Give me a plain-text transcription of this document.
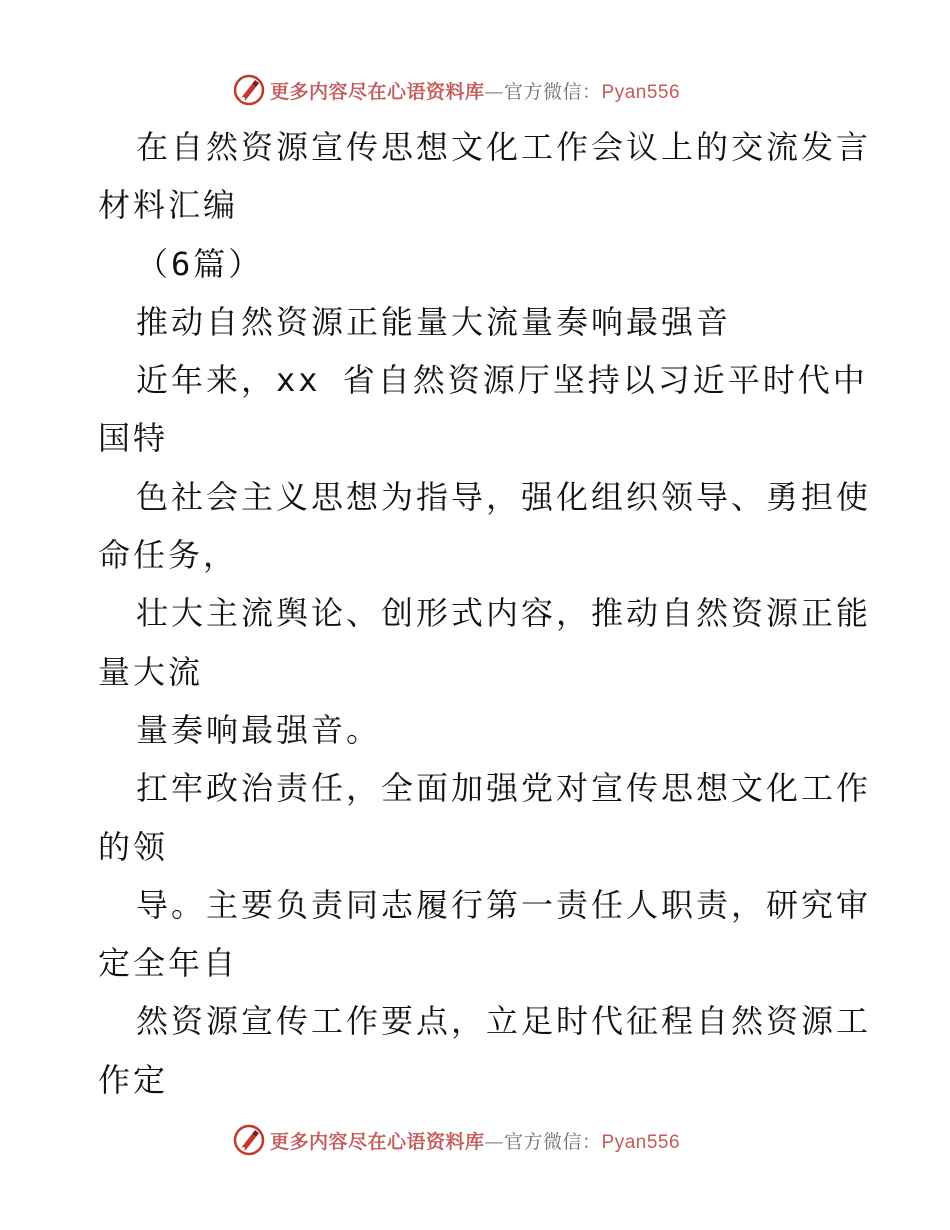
更多内容尽在心语资料库—官方微信：Pyan556
在自然资源宣传思想文化工作会议上的交流发言
材料汇编
（6篇）
推动自然资源正能量大流量奏响最强音
近年来，xx 省自然资源厅坚持以习近平时代中
国特
色社会主义思想为指导，强化组织领导、勇担使
命任务，
壮大主流舆论、创形式内容，推动自然资源正能
量大流
量奏响最强音。
扛牢政治责任，全面加强党对宣传思想文化工作
的领
导。主要负责同志履行第一责任人职责，研究审
定全年自
然资源宣传工作要点，立足时代征程自然资源工
作定
更多内容尽在心语资料库—官方微信：Pyan556
